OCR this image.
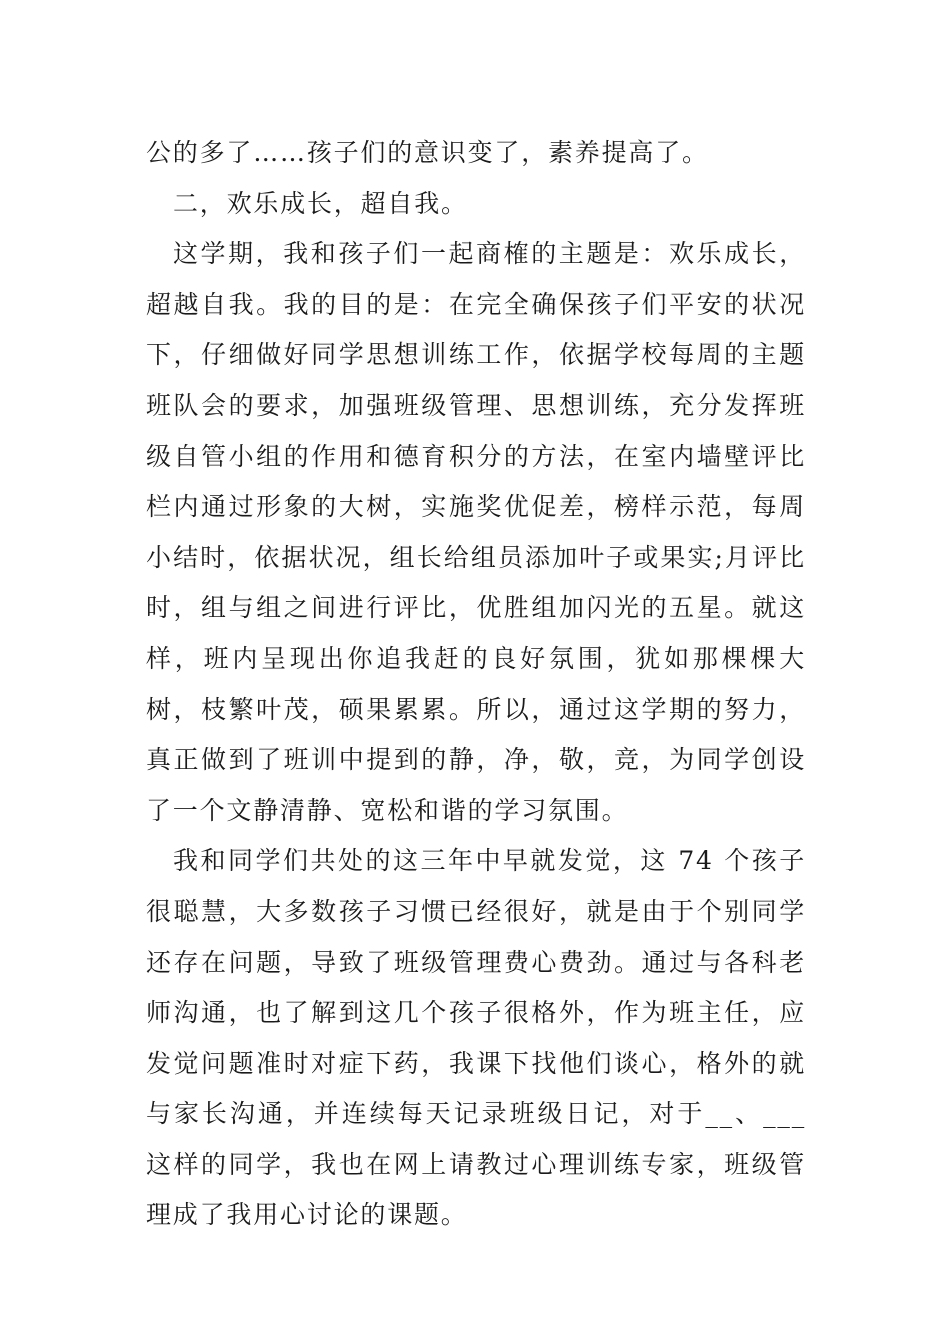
公的多了……孩子们的意识变了，素养提高了。

二，欢乐成长，超自我。

这学期，我和孩子们一起商榷的主题是：欢乐成长，超越自我。我的目的是：在完全确保孩子们平安的状况下，仔细做好同学思想训练工作，依据学校每周的主题班队会的要求，加强班级管理、思想训练，充分发挥班级自管小组的作用和德育积分的方法，在室内墙壁评比栏内通过形象的大树，实施奖优促差，榜样示范，每周小结时，依据状况，组长给组员添加叶子或果实;月评比时，组与组之间进行评比，优胜组加闪光的五星。就这样，班内呈现出你追我赶的良好氛围，犹如那棵棵大树，枝繁叶茂，硕果累累。所以，通过这学期的努力，真正做到了班训中提到的静，净，敬，竞，为同学创设了一个文静清静、宽松和谐的学习氛围。

我和同学们共处的这三年中早就发觉，这 74 个孩子很聪慧，大多数孩子习惯已经很好，就是由于个别同学还存在问题，导致了班级管理费心费劲。通过与各科老师沟通，也了解到这几个孩子很格外，作为班主任，应发觉问题准时对症下药，我课下找他们谈心，格外的就与家长沟通，并连续每天记录班级日记，对于__、___这样的同学，我也在网上请教过心理训练专家，班级管理成了我用心讨论的课题。
